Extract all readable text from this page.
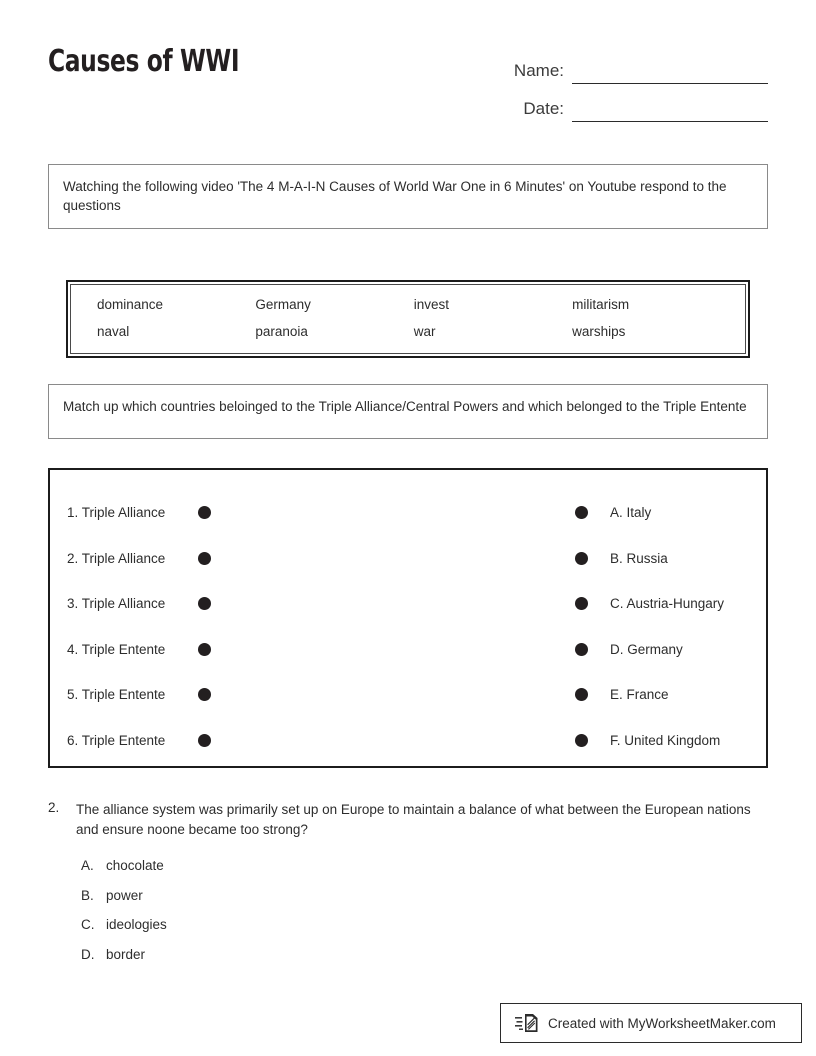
Causes of WWI	Name:
Date:
Watching the following video 'The 4 M-A-I-N Causes of World War One in 6 Minutes' on Youtube respond to the questions
dominance	Germany	invest	militarism
naval	paranoia	war	warships
Match up which countries beloinged to the Triple Alliance/Central Powers and which belonged to the Triple Entente
1. Triple Alliance	A. Italy
2. Triple Alliance	B. Russia
3. Triple Alliance	C. Austria-Hungary
4. Triple Entente	D. Germany
5. Triple Entente	E. France
6. Triple Entente	F. United Kingdom
2.	The alliance system was primarily set up on Europe to maintain a balance of what between the European nations and ensure noone became too strong?
A. chocolate
B. power
C. ideologies
D. border
Created with MyWorksheetMaker.com
